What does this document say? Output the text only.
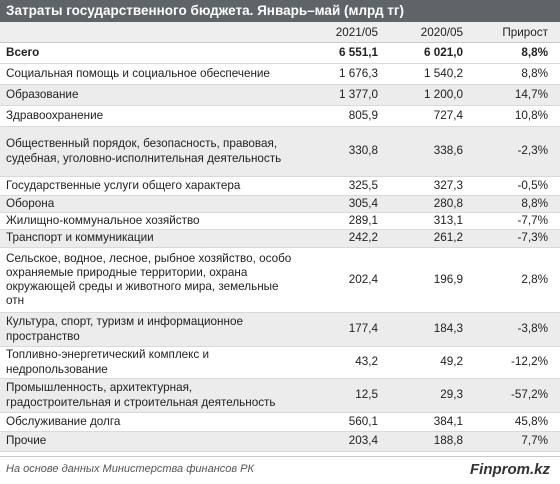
Затраты государственного бюджета. Январь–май (млрд тг)
	2021/05	2020/05	Прирост
Всего	6 551,1	6 021,0	8,8%
Социальная помощь и социальное обеспечение	1 676,3	1 540,2	8,8%
Образование	1 377,0	1 200,0	14,7%
Здравоохранение	805,9	727,4	10,8%
Общественный порядок, безопасность, правовая, судебная, уголовно-исполнительная деятельность	330,8	338,6	-2,3%
Государственные услуги общего характера	325,5	327,3	-0,5%
Оборона	305,4	280,8	8,8%
Жилищно-коммунальное хозяйство	289,1	313,1	-7,7%
Транспорт и коммуникации	242,2	261,2	-7,3%
Сельское, водное, лесное, рыбное хозяйство, особо охраняемые природные территории, охрана окружающей среды и животного мира, земельные отн	202,4	196,9	2,8%
Культура, спорт, туризм и информационное пространство	177,4	184,3	-3,8%
Топливно-энергетический комплекс и недропользование	43,2	49,2	-12,2%
Промышленность, архитектурная, градостроительная и строительная деятельность	12,5	29,3	-57,2%
Обслуживание долга	560,1	384,1	45,8%
Прочие	203,4	188,8	7,7%
На основе данных Министерства финансов РК	Finprom.kz
